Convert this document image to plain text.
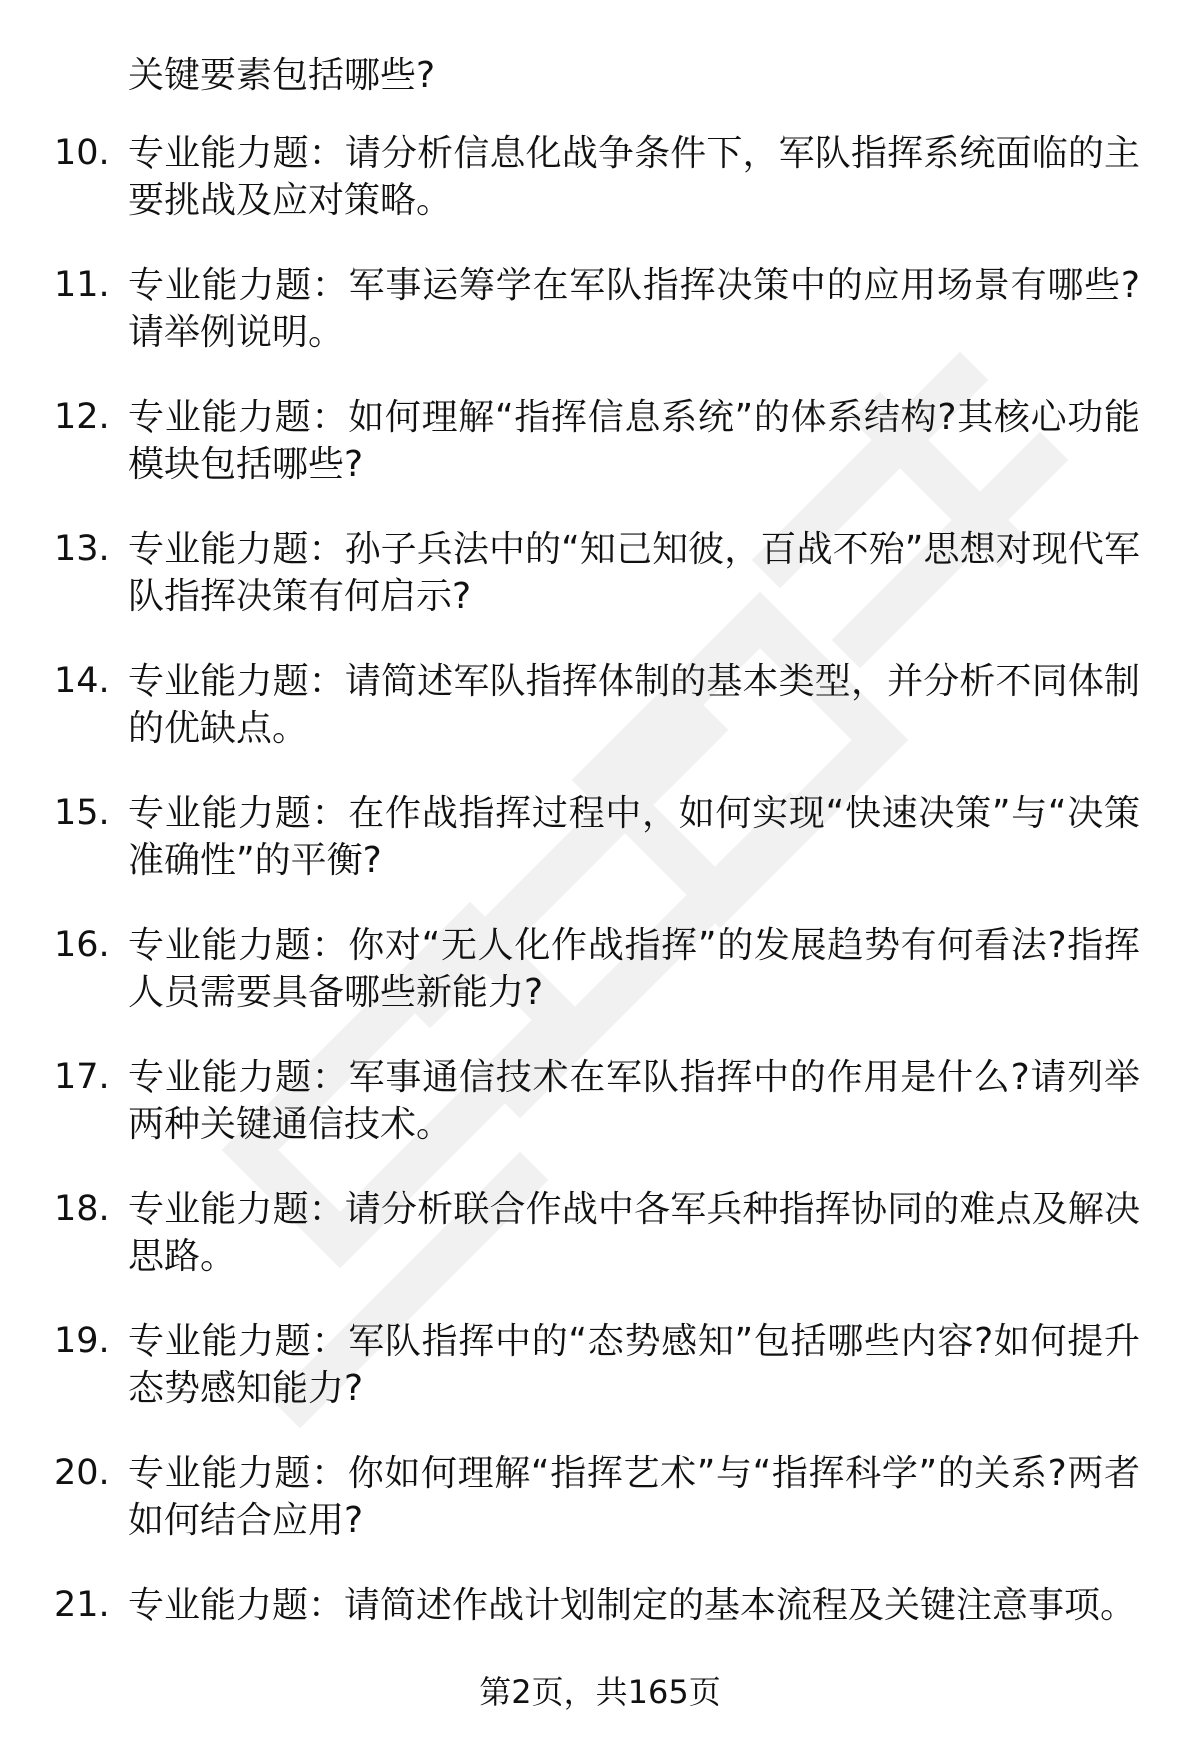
关键要素包括哪些?

10. 专业能力题：请分析信息化战争条件下，军队指挥系统面临的主要挑战及应对策略。
11. 专业能力题：军事运筹学在军队指挥决策中的应用场景有哪些?请举例说明。
12. 专业能力题：如何理解“指挥信息系统”的体系结构?其核心功能模块包括哪些?
13. 专业能力题：孙子兵法中的“知己知彼，百战不殆”思想对现代军队指挥决策有何启示?
14. 专业能力题：请简述军队指挥体制的基本类型，并分析不同体制的优缺点。
15. 专业能力题：在作战指挥过程中，如何实现“快速决策”与“决策准确性”的平衡?
16. 专业能力题：你对“无人化作战指挥”的发展趋势有何看法?指挥人员需要具备哪些新能力?
17. 专业能力题：军事通信技术在军队指挥中的作用是什么?请列举两种关键通信技术。
18. 专业能力题：请分析联合作战中各军兵种指挥协同的难点及解决思路。
19. 专业能力题：军队指挥中的“态势感知”包括哪些内容?如何提升态势感知能力?
20. 专业能力题：你如何理解“指挥艺术”与“指挥科学”的关系?两者如何结合应用?
21. 专业能力题：请简述作战计划制定的基本流程及关键注意事项。
第2页，共165页
